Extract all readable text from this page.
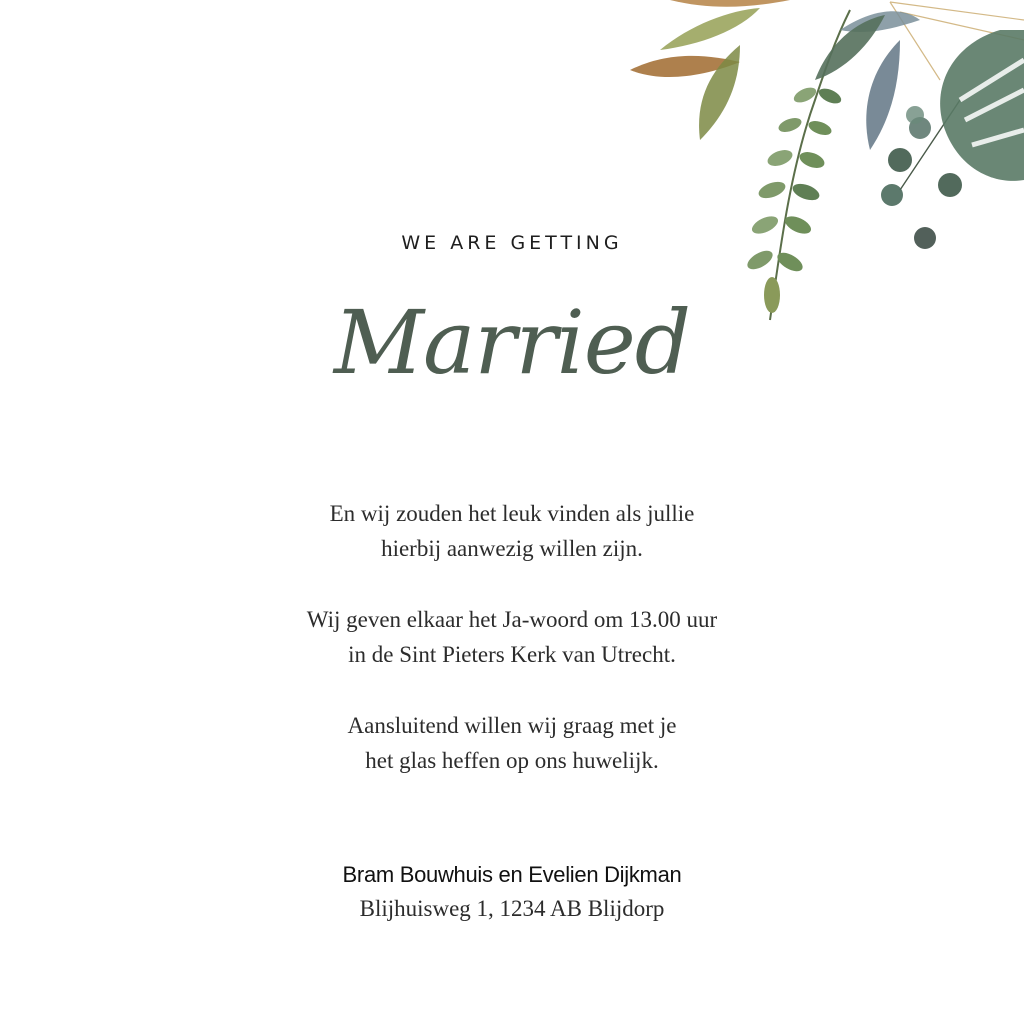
WE ARE GETTING
Married

En wij zouden het leuk vinden als jullie
hierbij aanwezig willen zijn.

Wij geven elkaar het Ja-woord om 13.00 uur
in de Sint Pieters Kerk van Utrecht.

Aansluitend willen wij graag met je
het glas heffen op ons huwelijk.

Bram Bouwhuis en Evelien Dijkman
Blijhuisweg 1, 1234 AB Blijdorp
